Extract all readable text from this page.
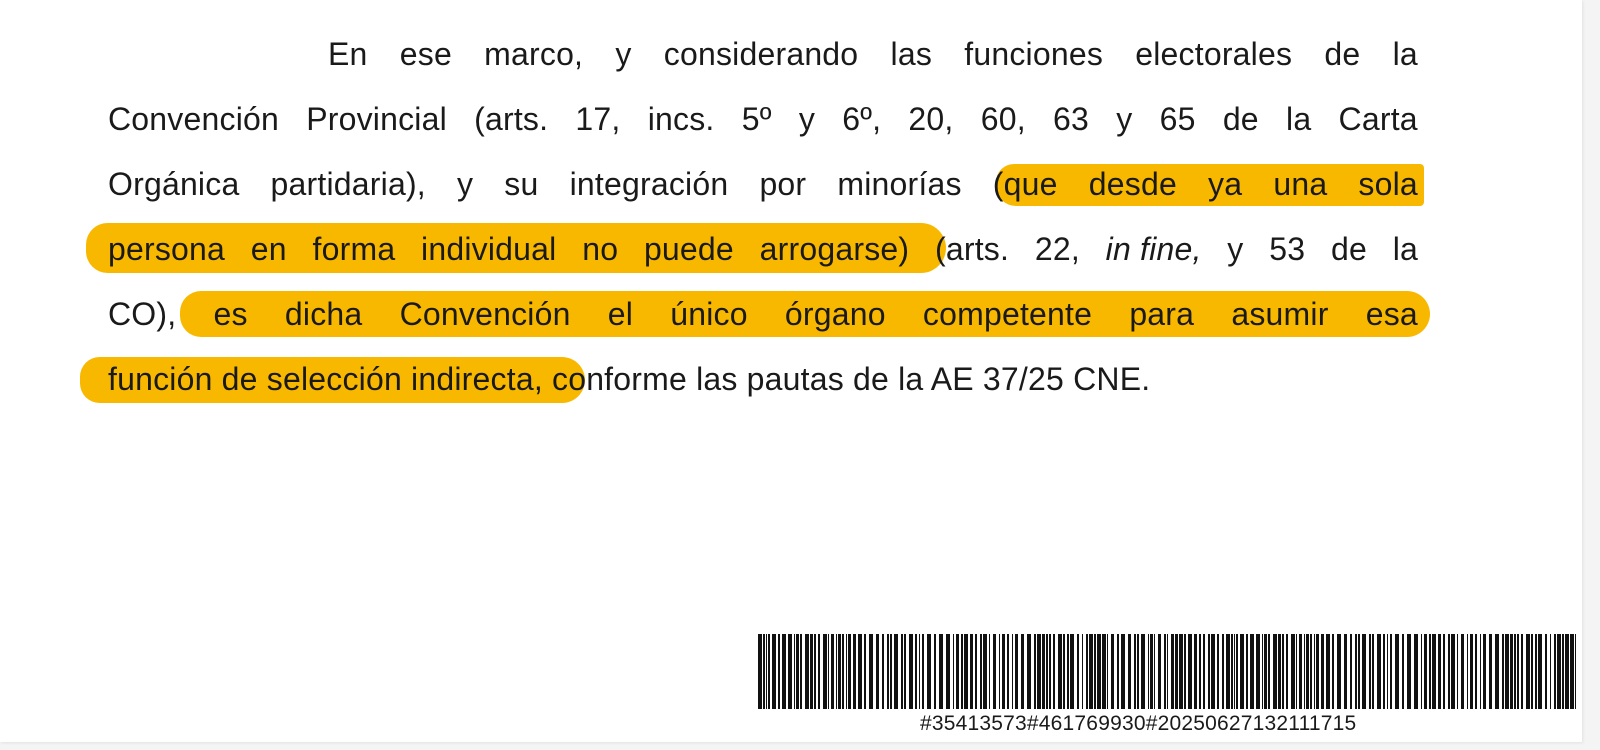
En ese marco, y considerando las funciones electorales de la
Convención Provincial (arts. 17, incs. 5º y 6º, 20, 60, 63 y 65 de la Carta
Orgánica partidaria), y su integración por minorías (que desde ya una sola
persona en forma individual no puede arrogarse) (arts. 22, in fine, y 53 de la
CO), es dicha Convención el único órgano competente para asumir esa
función de selección indirecta , conforme las pautas de la AE 37/25 CNE.
#35413573#461769930#20250627132111715
